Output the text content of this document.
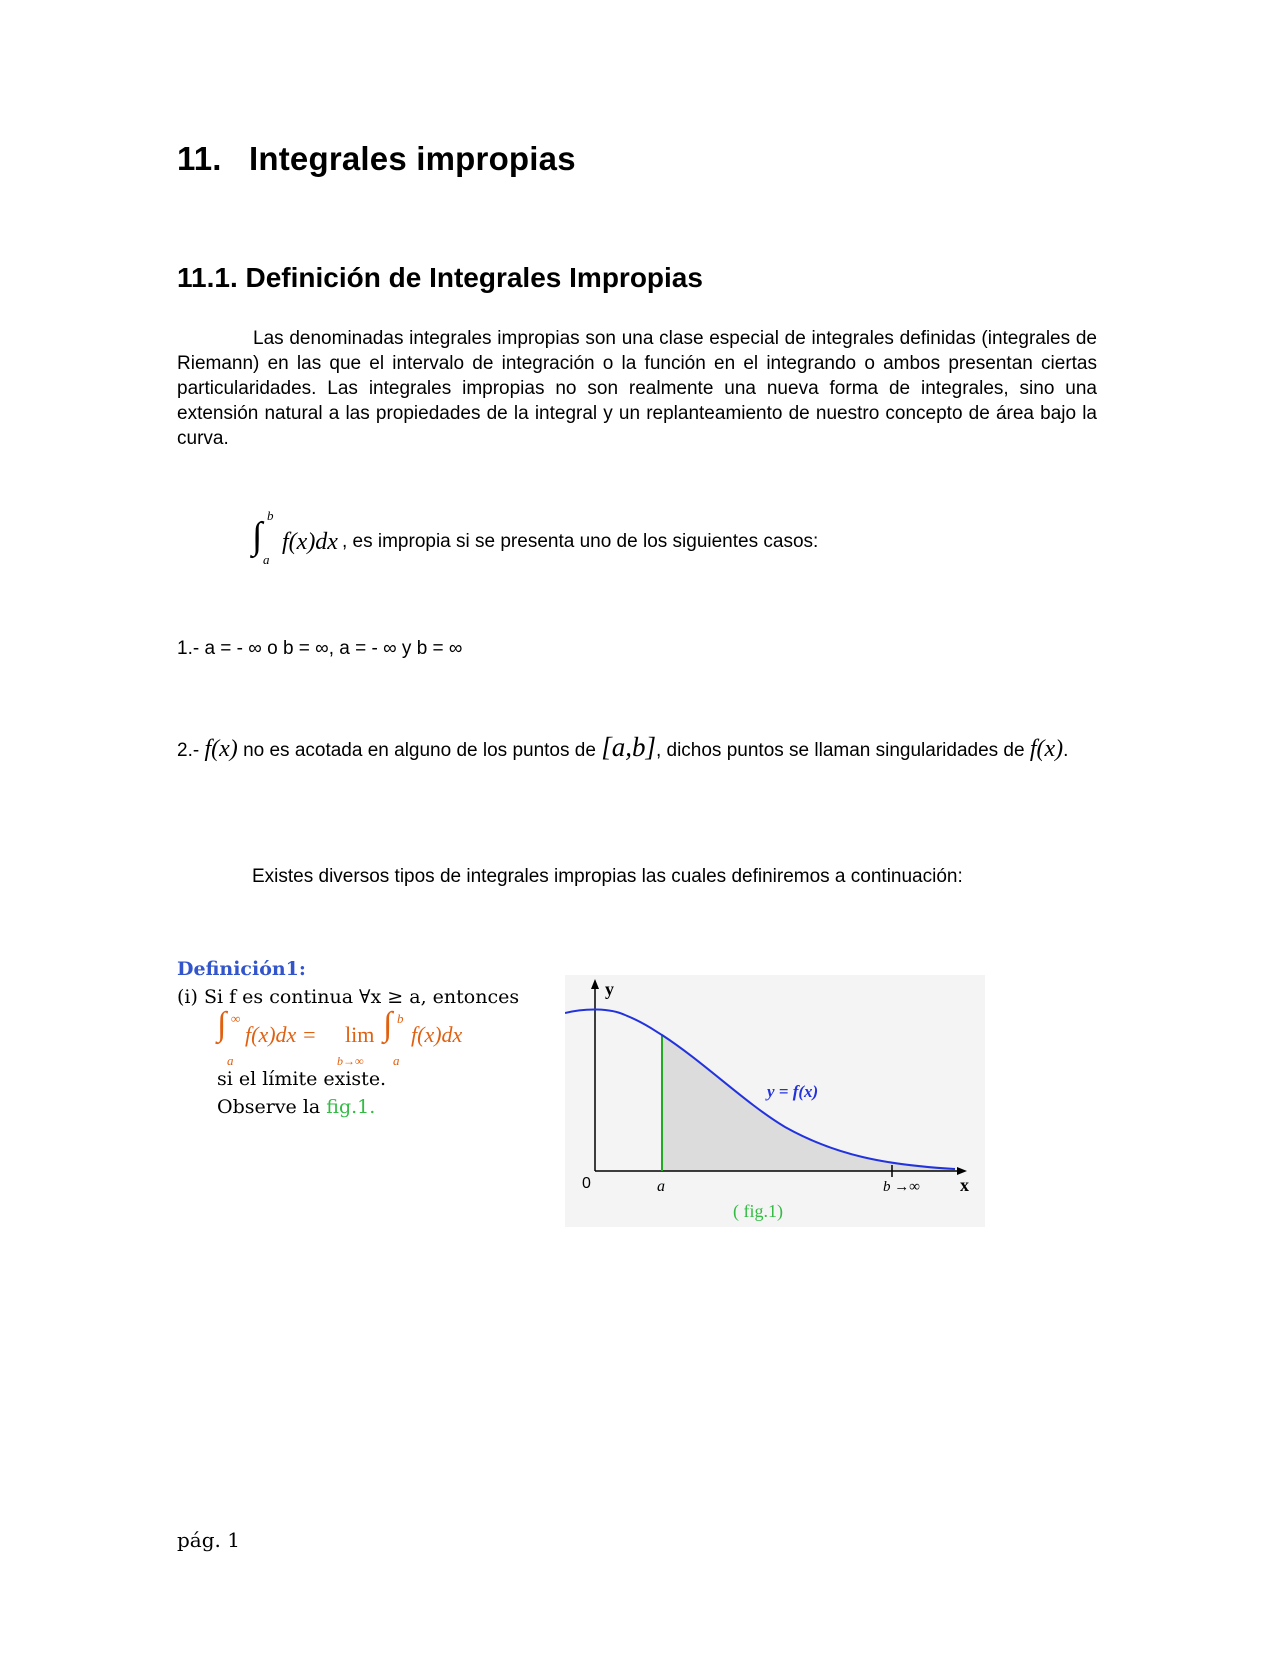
11. Integrales impropias
11.1. Definición de Integrales Impropias
Las denominadas integrales impropias son una clase especial de integrales definidas (integrales de Riemann) en las que el intervalo de integración o la función en el integrando o ambos presentan ciertas particularidades. Las integrales impropias no son realmente una nueva forma de integrales, sino una extensión natural a las propiedades de la integral y un replanteamiento de nuestro concepto de área bajo la curva.
∫ b
a
f(x)dx , es impropia si se presenta uno de los siguientes casos:
1.- a = - ∞ o b = ∞, a = - ∞ y b = ∞
2.- f(x) no es acotada en alguno de los puntos de [a,b], dichos puntos se llaman singularidades de f(x).
Existes diversos tipos de integrales impropias las cuales definiremos a continuación:
Definición1:
(i) Si f es continua ∀x ≥ a, entonces
∫ ∞
a
f(x)dx = lim
b→∞
∫ b
a
f(x)dx
si el límite existe.
Observe la fig.1.
y
x
0	a	b →∞
y = f(x)
( fig.1)
pág. 1
